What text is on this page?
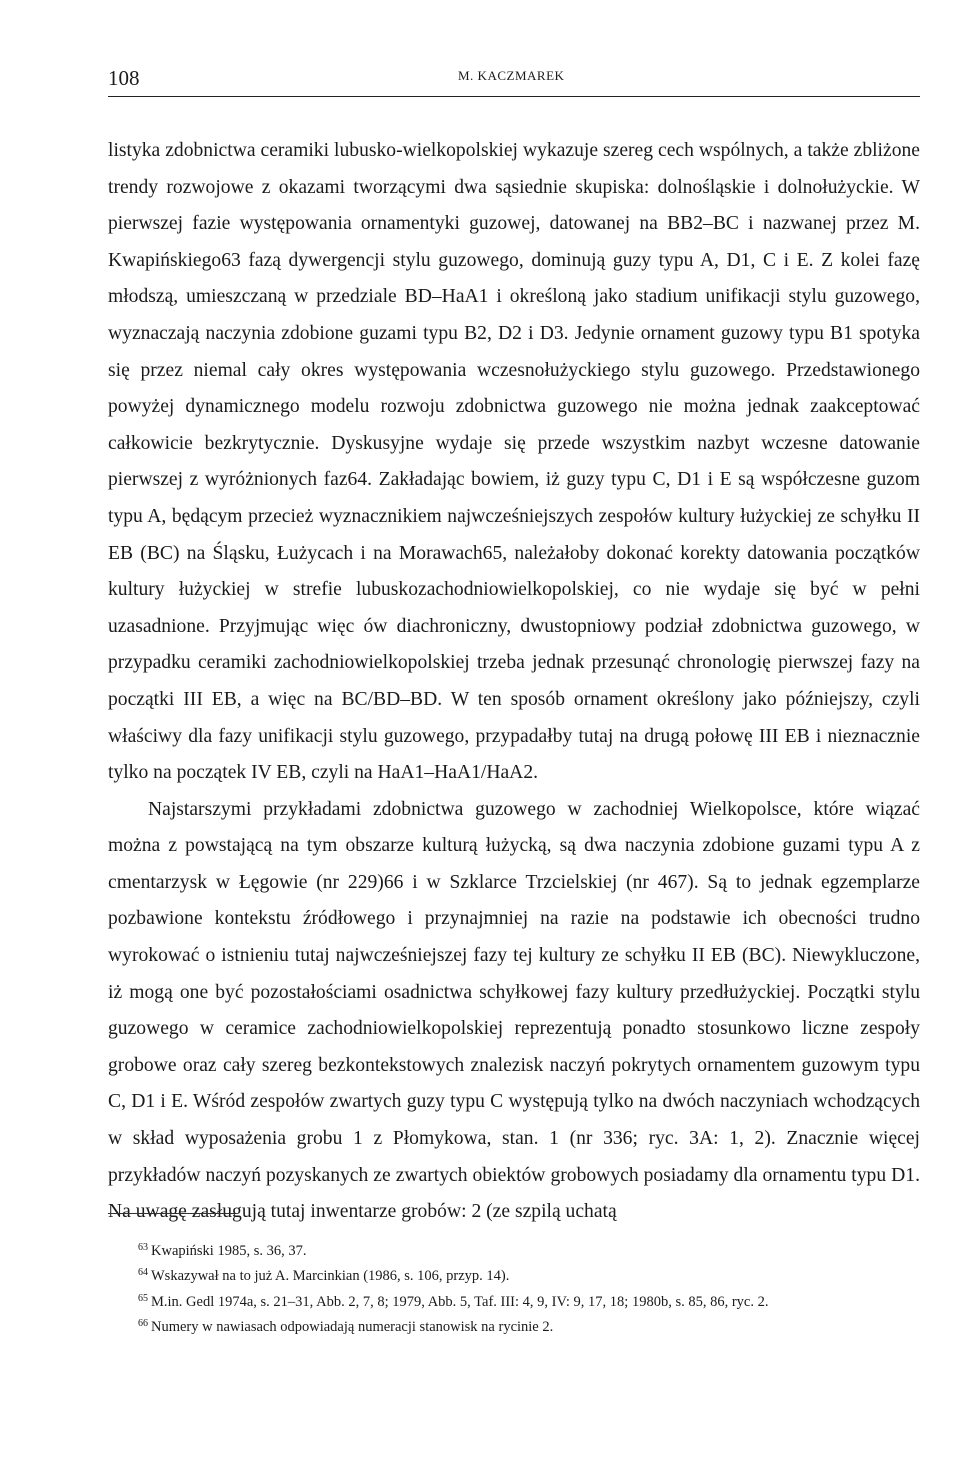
108	M. KACZMAREK

listyka zdobnictwa ceramiki lubusko-wielkopolskiej wykazuje szereg cech wspólnych, a także zbliżone trendy rozwojowe z okazami tworzącymi dwa sąsiednie skupiska: dolnośląskie i dolnołużyckie. W pierwszej fazie występowania ornamentyki guzowej, datowanej na BB2–BC i nazwanej przez M. Kwapińskiego63 fazą dywergencji stylu guzowego, dominują guzy typu A, D1, C i E. Z kolei fazę młodszą, umieszczaną w przedziale BD–HaA1 i określoną jako stadium unifikacji stylu guzowego, wyznaczają naczynia zdobione guzami typu B2, D2 i D3. Jedynie ornament guzowy typu B1 spotyka się przez niemal cały okres występowania wczesnołużyckiego stylu guzowego. Przedstawionego powyżej dynamicznego modelu rozwoju zdobnictwa guzowego nie można jednak zaakceptować całkowicie bezkrytycznie. Dyskusyjne wydaje się przede wszystkim nazbyt wczesne datowanie pierwszej z wyróżnionych faz64. Zakładając bowiem, iż guzy typu C, D1 i E są współczesne guzom typu A, będącym przecież wyznacznikiem najwcześniejszych zespołów kultury łużyckiej ze schyłku II EB (BC) na Śląsku, Łużycach i na Morawach65, należałoby dokonać korekty datowania początków kultury łużyckiej w strefie lubuskozachodniowielkopolskiej, co nie wydaje się być w pełni uzasadnione. Przyjmując więc ów diachroniczny, dwustopniowy podział zdobnictwa guzowego, w przypadku ceramiki zachodniowielkopolskiej trzeba jednak przesunąć chronologię pierwszej fazy na początki III EB, a więc na BC/BD–BD. W ten sposób ornament określony jako późniejszy, czyli właściwy dla fazy unifikacji stylu guzowego, przypadałby tutaj na drugą połowę III EB i nieznacznie tylko na początek IV EB, czyli na HaA1–HaA1/HaA2.

Najstarszymi przykładami zdobnictwa guzowego w zachodniej Wielkopolsce, które wiązać można z powstającą na tym obszarze kulturą łużycką, są dwa naczynia zdobione guzami typu A z cmentarzysk w Łęgowie (nr 229)66 i w Szklarce Trzcielskiej (nr 467). Są to jednak egzemplarze pozbawione kontekstu źródłowego i przynajmniej na razie na podstawie ich obecności trudno wyrokować o istnieniu tutaj najwcześniejszej fazy tej kultury ze schyłku II EB (BC). Niewykluczone, iż mogą one być pozostałościami osadnictwa schyłkowej fazy kultury przedłużyckiej. Początki stylu guzowego w ceramice zachodniowielkopolskiej reprezentują ponadto stosunkowo liczne zespoły grobowe oraz cały szereg bezkontekstowych znalezisk naczyń pokrytych ornamentem guzowym typu C, D1 i E. Wśród zespołów zwartych guzy typu C występują tylko na dwóch naczyniach wchodzących w skład wyposażenia grobu 1 z Płomykowa, stan. 1 (nr 336; ryc. 3A: 1, 2). Znacznie więcej przykładów naczyń pozyskanych ze zwartych obiektów grobowych posiadamy dla ornamentu typu D1. Na uwagę zasługują tutaj inwentarze grobów: 2 (ze szpilą uchatą

$^{63}$ Kwapiński 1985, s. 36, 37.

$^{64}$ Wskazywał na to już A. Marcinkian (1986, s. 106, przyp. 14).

$^{65}$ M.in. Gedl 1974a, s. 21–31, Abb. 2, 7, 8; 1979, Abb. 5, Taf. III: 4, 9, IV: 9, 17, 18; 1980b, s. 85, 86, ryc. 2.

$^{66}$ Numery w nawiasach odpowiadają numeracji stanowisk na rycinie 2.
